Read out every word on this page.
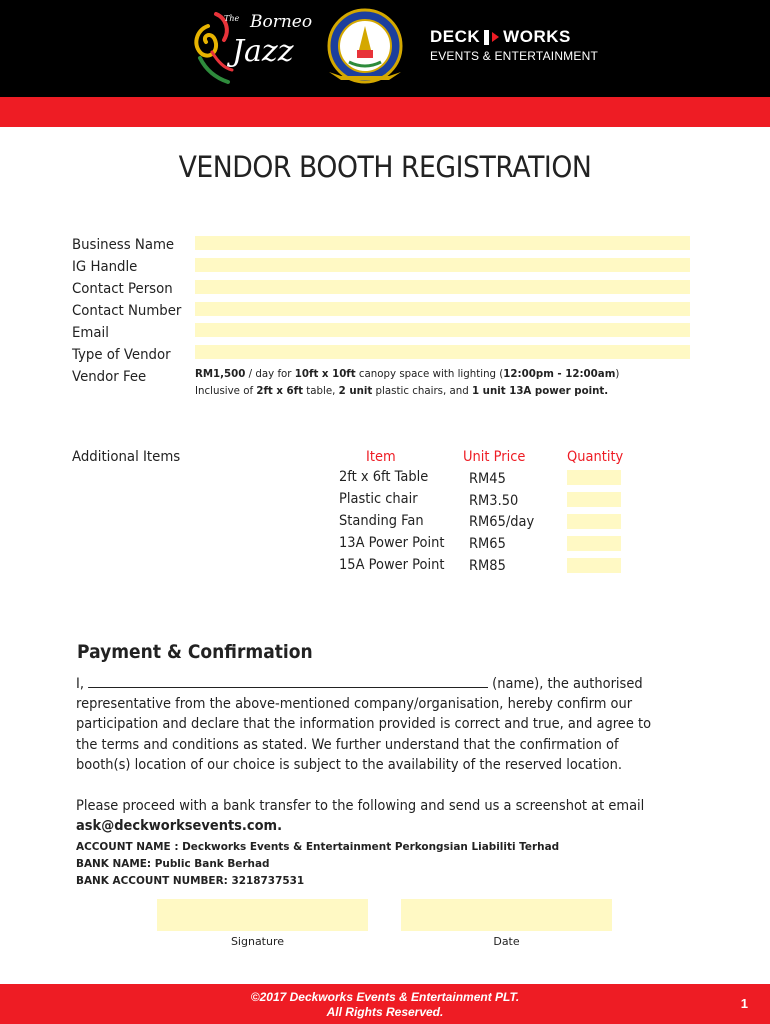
The Borneo
Jazz	DECK WORKS
EVENTS & ENTERTAINMENT
VENDOR BOOTH REGISTRATION
Business Name
IG Handle
Contact Person
Contact Number
Email
Type of Vendor
Vendor Fee	RM1,500 / day for 10ft x 10ft canopy space with lighting (12:00pm - 12:00am)
Inclusive of 2ft x 6ft table, 2 unit plastic chairs, and 1 unit 13A power point.
Additional Items	Item	Unit Price	Quantity
2ft x 6ft Table	RM45
Plastic chair	RM3.50
Standing Fan	RM65/day
13A Power Point RM65
15A Power Point RM85
Payment & Confirmation
I,	(name), the authorised representative from the above-mentioned company/organisation, hereby confirm our participation and declare that the information provided is correct and true, and agree to the terms and conditions as stated. We further understand that the confirmation of booth(s) location of our choice is subject to the availability of the reserved location.
Please proceed with a bank transfer to the following and send us a screenshot at email
ask@deckworksevents.com.
ACCOUNT NAME : Deckworks Events & Entertainment Perkongsian Liabiliti Terhad
BANK NAME: Public Bank Berhad
BANK ACCOUNT NUMBER: 3218737531
Signature	Date
©2017 Deckworks Events & Entertainment PLT.
All Rights Reserved.
1
